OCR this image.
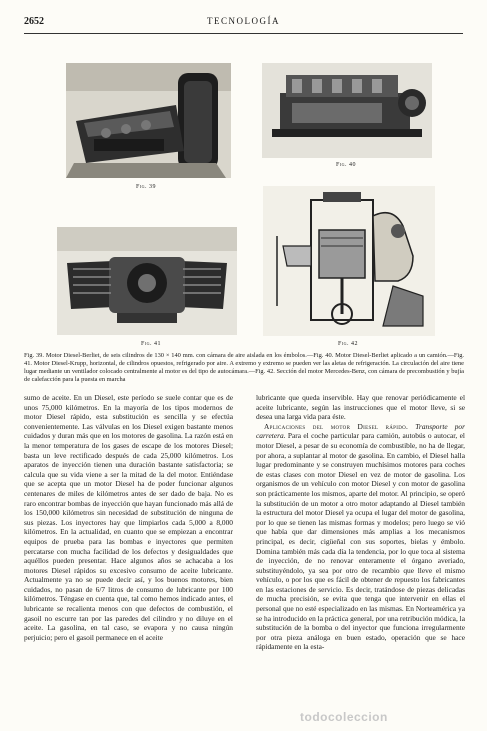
2652	TECNOLOGÍA
Fig. 39
Fig. 40
Fig. 41	Fig. 42
Fig. 39. Motor Diesel-Berliet, de seis cilindros de 130 × 140 mm. con cámara de aire aislada en los émbolos.—Fig. 40. Motor Diesel-Berliet aplicado a un camión.—Fig. 41. Motor Diesel-Krupp, horizontal, de cilindros opuestos, refrigerado por aire. A extremo y extremo se pueden ver las aletas de refrigeración. La circulación del aire tiene lugar mediante un ventilador colocado centralmente al motor es del tipo de autocámara.—Fig. 42. Sección del motor Mercedes-Benz, con cámara de precombustión y bujía de calefacción para la puesta en marcha

sumo de aceite. En un Diesel, este período se suele contar que es de unos 75,000 kilómetros. En la mayoría de los tipos modernos de motor Diesel rápido, esta substitución es sencilla y se efectúa convenientemente. Las válvulas en los Diesel exigen bastante menos cuidados y duran más que en los motores de gasolina. La razón está en la menor temperatura de los gases de escape de los motores Diesel; basta un leve rectificado después de cada 25,000 kilómetros. Los aparatos de inyección tienen una duración bastante satisfactoria; se calcula que su vida viene a ser la mitad de la del motor. Entiéndase que se acepta que un motor Diesel ha de poder funcionar algunos centenares de miles de kilómetros antes de ser dado de baja. No es raro encontrar bombas de inyección que hayan funcionado más allá de los 150,000 kilómetros sin necesidad de substitución de ninguna de sus piezas. Los inyectores hay que limpiarlos cada 5,000 a 8,000 kilómetros. En la actualidad, en cuanto que se empiezan a encontrar equipos de prueba para las bombas e inyectores que permiten percatarse con mucha facilidad de los defectos y desigualdades que aquéllos pueden presentar. Hace algunos años se achacaba a los motores Diesel rápidos su excesivo consumo de aceite lubricante. Actualmente ya no se puede decir así, y los buenos motores, bien cuidados, no pasan de 6/7 litros de consumo de lubricante por 100 kilómetros. Téngase en cuenta que, tal como hemos indicado antes, el lubricante se recalienta menos con que defectos de combustión, el gasoil no escurre tan por las paredes del cilindro y no diluye en el aceite. La gasolina, en tal caso, se evapora y no causa ningún perjuicio; pero el gasoil permanece en el aceite

lubricante que queda inservible. Hay que renovar periódicamente el aceite lubricante, según las instrucciones que el motor lleve, si se desea una larga vida para éste.

Aplicaciones del motor Diesel rápido. Transporte por carretera. Para el coche particular para camión, autobús o autocar, el motor Diesel, a pesar de su economía de combustible, no ha de llegar, por ahora, a suplantar al motor de gasolina. En cambio, el Diesel halla lugar predominante y se construyen muchísimos motores para coches de estas clases con motor Diesel en vez de motor de gasolina. Los organismos de un vehículo con motor Diesel y con motor de gasolina son prácticamente los mismos, aparte del motor. Al principio, se operó la substitución de un motor a otro motor adaptando al Diesel también la estructura del motor Diesel ya ocupa el lugar del motor de gasolina, por lo que se tienen las mismas formas y modelos; pero luego se vió que había que dar dimensiones más amplias a los mecanismos principal, es decir, cigüeñal con sus soportes, bielas y émbolo. Domina también más cada día la tendencia, por lo que toca al sistema de inyección, de no renovar enteramente el órgano averiado, substituyéndolo, ya sea por otro de recambio que lleve el mismo vehículo, o por los que es fácil de obtener de repuesto los fabricantes en las estaciones de servicio. Es decir, tratándose de piezas delicadas de mucha precisión, se evita que tenga que intervenir en ellas el personal que no esté especializado en las mismas. En Norteamérica ya se ha introducido en la práctica general, por una retribución módica, la substitución de la bomba o del inyector que funciona irregularmente por otra pieza análoga en buen estado, operación que se hace rápidamente en la esta-

todocoleccion
